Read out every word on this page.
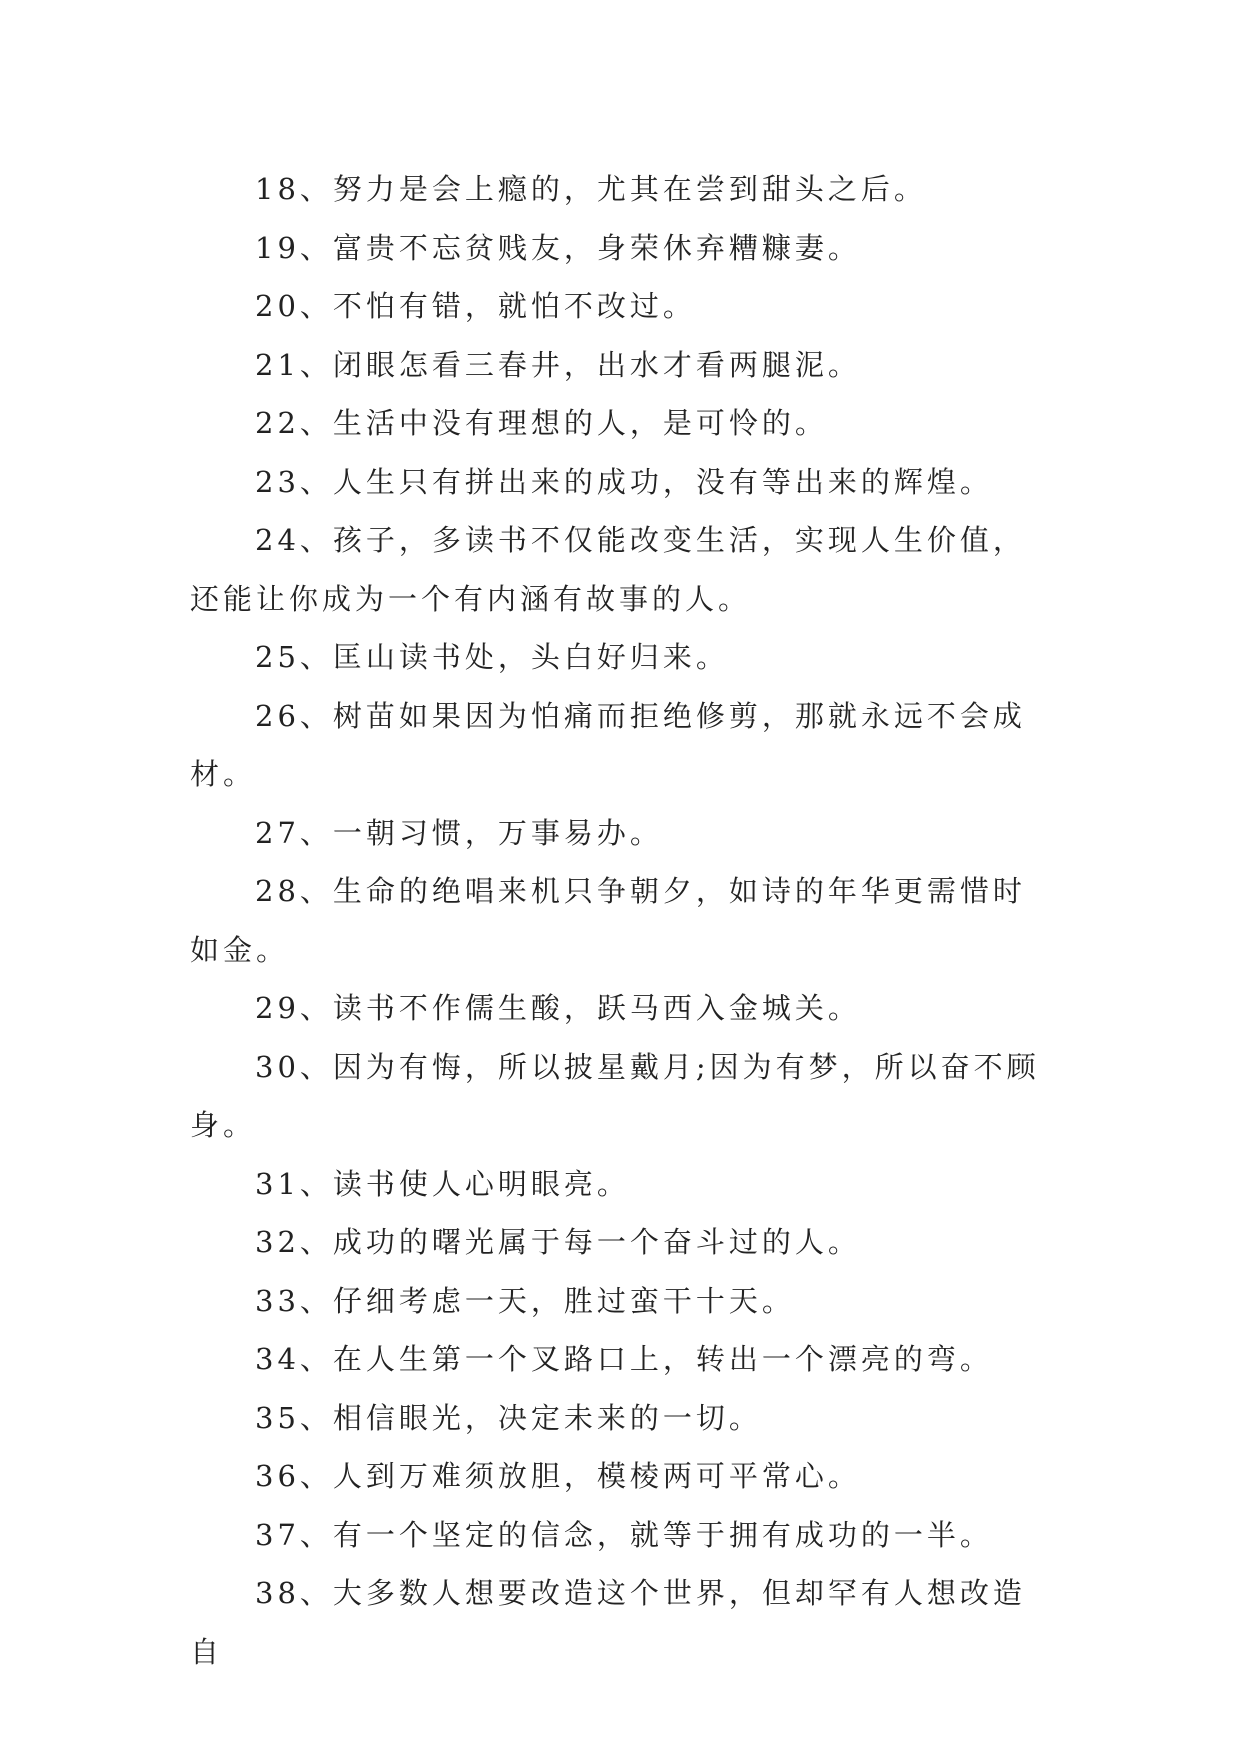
18、努力是会上瘾的，尤其在尝到甜头之后。

19、富贵不忘贫贱友，身荣休弃糟糠妻。

20、不怕有错，就怕不改过。

21、闭眼怎看三春井，出水才看两腿泥。

22、生活中没有理想的人，是可怜的。

23、人生只有拼出来的成功，没有等出来的辉煌。

24、孩子，多读书不仅能改变生活，实现人生价值，还能让你成为一个有内涵有故事的人。

25、匡山读书处，头白好归来。

26、树苗如果因为怕痛而拒绝修剪，那就永远不会成材。

27、一朝习惯，万事易办。

28、生命的绝唱来机只争朝夕，如诗的年华更需惜时如金。

29、读书不作儒生酸，跃马西入金城关。

30、因为有悔，所以披星戴月;因为有梦，所以奋不顾身。

31、读书使人心明眼亮。

32、成功的曙光属于每一个奋斗过的人。

33、仔细考虑一天，胜过蛮干十天。

34、在人生第一个叉路口上，转出一个漂亮的弯。

35、相信眼光，决定未来的一切。

36、人到万难须放胆，模棱两可平常心。

37、有一个坚定的信念，就等于拥有成功的一半。

38、大多数人想要改造这个世界，但却罕有人想改造自
